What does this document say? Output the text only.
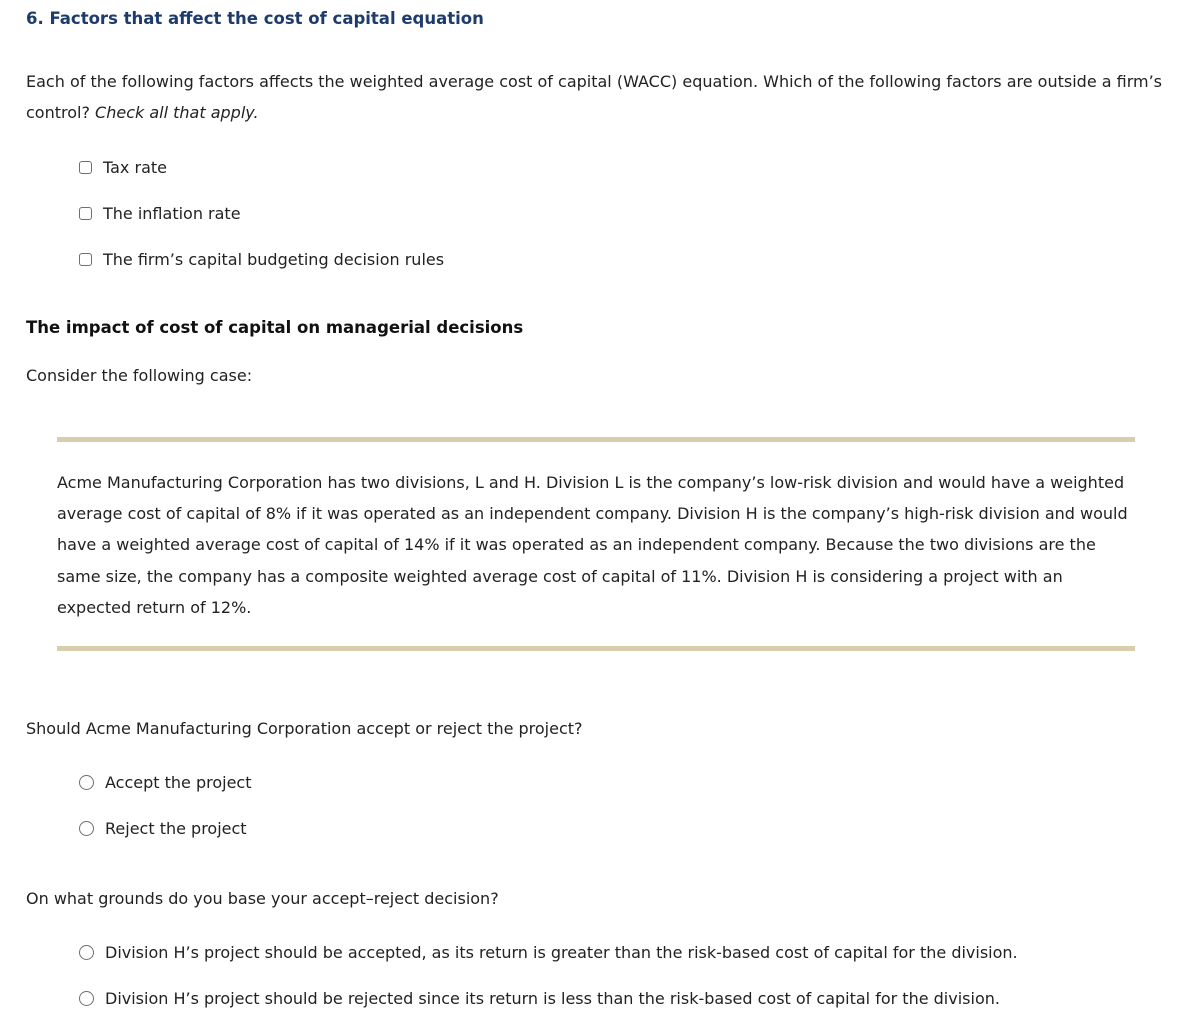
6. Factors that affect the cost of capital equation

Each of the following factors affects the weighted average cost of capital (WACC) equation. Which of the following factors are outside a firm’s control? Check all that apply.

Tax rate
The inflation rate
The firm’s capital budgeting decision rules
The impact of cost of capital on managerial decisions

Consider the following case:

Acme Manufacturing Corporation has two divisions, L and H. Division L is the company’s low-risk division and would have a weighted average cost of capital of 8% if it was operated as an independent company. Division H is the company’s high-risk division and would have a weighted average cost of capital of 14% if it was operated as an independent company. Because the two divisions are the same size, the company has a composite weighted average cost of capital of 11%. Division H is considering a project with an expected return of 12%.

Should Acme Manufacturing Corporation accept or reject the project?

Accept the project
Reject the project

On what grounds do you base your accept–reject decision?

Division H’s project should be accepted, as its return is greater than the risk-based cost of capital for the division.
Division H’s project should be rejected since its return is less than the risk-based cost of capital for the division.
